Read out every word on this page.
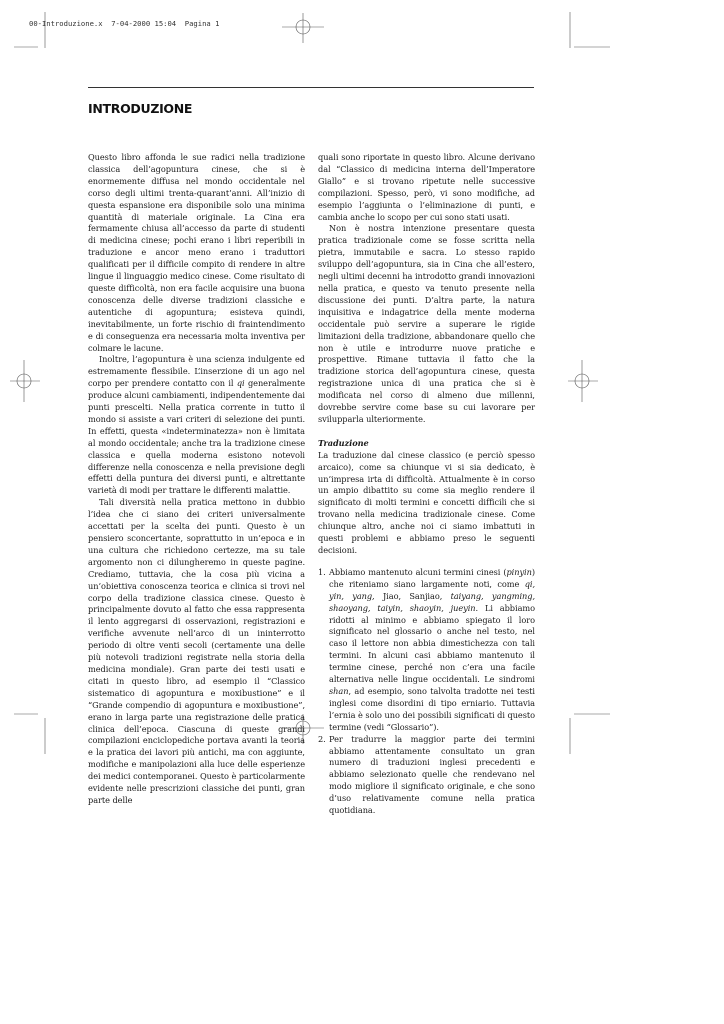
00-Introduzione.x  7-04-2000 15:04  Pagina 1
INTRODUZIONE

Questo libro affonda le sue radici nella tradizione classica dell’agopuntura cinese, che si è enormemente diffusa nel mondo occidentale nel corso degli ultimi trenta-quarant’anni. All’inizio di questa espansione era disponibile solo una minima quantità di materiale originale. La Cina era fermamente chiusa all’accesso da parte di studenti di medicina cinese; pochi erano i libri reperibili in traduzione e ancor meno erano i traduttori qualificati per il difficile compito di rendere in altre lingue il linguaggio medico cinese. Come risultato di queste difficoltà, non era facile acquisire una buona conoscenza delle diverse tradizioni classiche e autentiche di agopuntura; esisteva quindi, inevitabilmente, un forte rischio di fraintendimento e di conseguenza era necessaria molta inventiva per colmare le lacune.

Inoltre, l’agopuntura è una scienza indulgente ed estremamente flessibile. L’inserzione di un ago nel corpo per prendere contatto con il qi generalmente produce alcuni cambiamenti, indipendentemente dai punti prescelti. Nella pratica corrente in tutto il mondo si assiste a vari criteri di selezione dei punti. In effetti, questa «indeterminatezza» non è limitata al mondo occidentale; anche tra la tradizione cinese classica e quella moderna esistono notevoli differenze nella conoscenza e nella previsione degli effetti della puntura dei diversi punti, e altrettante varietà di modi per trattare le differenti malattie.

Tali diversità nella pratica mettono in dubbio l’idea che ci siano dei criteri universalmente accettati per la scelta dei punti. Questo è un pensiero sconcertante, soprattutto in un’epoca e in una cultura che richiedono certezze, ma su tale argomento non ci dilungheremo in queste pagine. Crediamo, tuttavia, che la cosa più vicina a un’obiettiva conoscenza teorica e clinica si trovi nel corpo della tradizione classica cinese. Questo è principalmente dovuto al fatto che essa rappresenta il lento aggregarsi di osservazioni, registrazioni e verifiche avvenute nell’arco di un ininterrotto periodo di oltre venti secoli (certamente una delle più notevoli tradizioni registrate nella storia della medicina mondiale). Gran parte dei testi usati e citati in questo libro, ad esempio il “Classico sistematico di agopuntura e moxibustione” e il “Grande compendio di agopuntura e moxibustione”, erano in larga parte una registrazione delle pratica clinica dell’epoca. Ciascuna di queste grandi compilazioni enciclopediche portava avanti la teoria e la pratica dei lavori più antichi, ma con aggiunte, modifiche e manipolazioni alla luce delle esperienze dei medici contemporanei. Questo è particolarmente evidente nelle prescrizioni classiche dei punti, gran parte delle

quali sono riportate in questo libro. Alcune derivano dal “Classico di medicina interna dell’Imperatore Giallo” e si trovano ripetute nelle successive compilazioni. Spesso, però, vi sono modifiche, ad esempio l’aggiunta o l’eliminazione di punti, e cambia anche lo scopo per cui sono stati usati.

Non è nostra intenzione presentare questa pratica tradizionale come se fosse scritta nella pietra, immutabile e sacra. Lo stesso rapido sviluppo dell’agopuntura, sia in Cina che all’estero, negli ultimi decenni ha introdotto grandi innovazioni nella pratica, e questo va tenuto presente nella discussione dei punti. D’altra parte, la natura inquisitiva e indagatrice della mente moderna occidentale può servire a superare le rigide limitazioni della tradizione, abbandonare quello che non è utile e introdurre nuove pratiche e prospettive. Rimane tuttavia il fatto che la tradizione storica dell’agopuntura cinese, questa registrazione unica di una pratica che si è modificata nel corso di almeno due millenni, dovrebbe servire come base su cui lavorare per svilupparla ulteriormente.

Traduzione

La traduzione dal cinese classico (e perciò spesso arcaico), come sa chiunque vi si sia dedicato, è un’impresa irta di difficoltà. Attualmente è in corso un ampio dibattito su come sia meglio rendere il significato di molti termini e concetti difficili che si trovano nella medicina tradizionale cinese. Come chiunque altro, anche noi ci siamo imbattuti in questi problemi e abbiamo preso le seguenti decisioni.

1. Abbiamo mantenuto alcuni termini cinesi (pinyin) che riteniamo siano largamente noti, come qi, yin, yang, Jiao, Sanjiao, taiyang, yangming, shaoyang, taiyin, shaoyin, jueyin. Li abbiamo ridotti al minimo e abbiamo spiegato il loro significato nel glossario o anche nel testo, nel caso il lettore non abbia dimestichezza con tali termini. In alcuni casi abbiamo mantenuto il termine cinese, perché non c’era una facile alternativa nelle lingue occidentali. Le sindromi shan, ad esempio, sono talvolta tradotte nei testi inglesi come disordini di tipo erniario. Tuttavia l’ernia è solo uno dei possibili significati di questo termine (vedi “Glossario”).
2. Per tradurre la maggior parte dei termini abbiamo attentamente consultato un gran numero di traduzioni inglesi precedenti e abbiamo selezionato quelle che rendevano nel modo migliore il significato originale, e che sono d’uso relativamente comune nella pratica quotidiana.
